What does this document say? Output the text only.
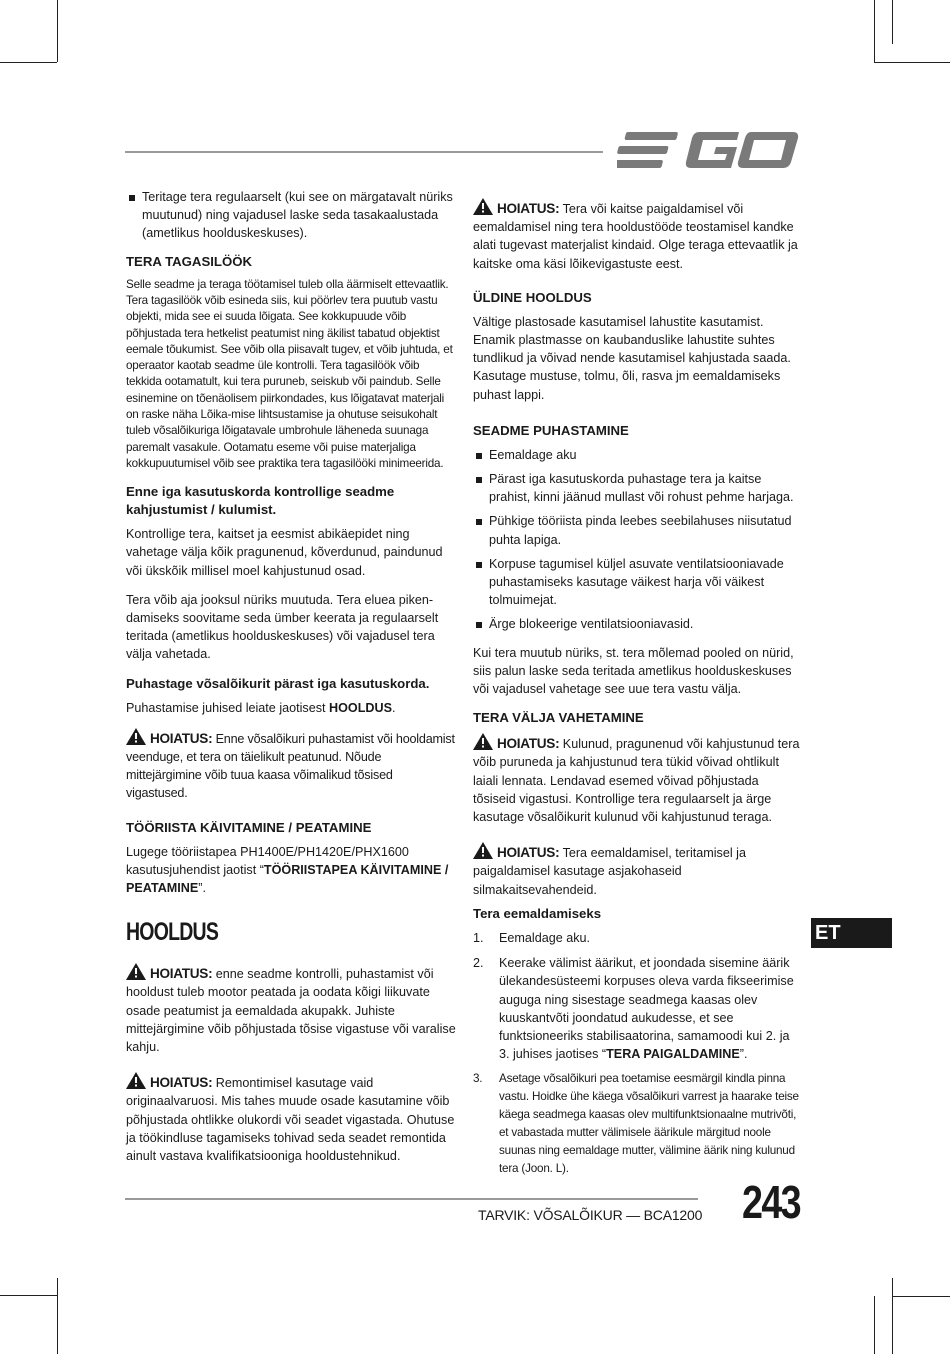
Teritage tera regulaarselt (kui see on märgatavalt nüriks muutunud) ning vajadusel laske seda tasakaalustada (ametlikus hoolduskeskuses).
TERA TAGASILÖÖK

Selle seadme ja teraga töötamisel tuleb olla äärmiselt ettevaatlik. Tera tagasilöök võib esineda siis, kui pöörlev tera puutub vastu objekti, mida see ei suuda lõigata. See kokkupuude võib põhjustada tera hetkelist peatumist ning äkilist tabatud objektist eemale tõukumist. See võib olla piisavalt tugev, et võib juhtuda, et operaator kaotab seadme üle kontrolli. Tera tagasilöök võib tekkida ootamatult, kui tera puruneb, seiskub või paindub. Selle esinemine on tõenäolisem piirkondades, kus lõigatavat materjali on raske näha Lõika-mise lihtsustamise ja ohutuse seisukohalt tuleb võsalõikuriga lõigatavale umbrohule läheneda suunaga paremalt vasakule. Ootamatu eseme või puise materjaliga kokkupuutumisel võib see praktika tera tagasilööki minimeerida.

Enne iga kasutuskorda kontrollige seadme kahjustumist / kulumist.

Kontrollige tera, kaitset ja eesmist abikäepidet ning vahetage välja kõik pragunenud, kõverdunud, paindunud või ükskõik millisel moel kahjustunud osad.

Tera võib aja jooksul nüriks muutuda. Tera eluea piken-damiseks soovitame seda ümber keerata ja regulaarselt teritada (ametlikus hoolduskeskuses) või vajadusel tera välja vahetada.

Puhastage võsalõikurit pärast iga kasutuskorda.

Puhastamise juhised leiate jaotisest HOOLDUS.

HOIATUS: Enne võsalõikuri puhastamist või hooldamist veenduge, et tera on täielikult peatunud. Nõude mittejärgimine võib tuua kaasa võimalikud tõsised vigastused.

TÖÖRIISTA KÄIVITAMINE / PEATAMINE

Lugege tööriistapea PH1400E/PH1420E/PHX1600 kasutusjuhendist jaotist “TÖÖRIISTAPEA KÄIVITAMINE / PEATAMINE”.

HOOLDUS

HOIATUS: enne seadme kontrolli, puhastamist või hooldust tuleb mootor peatada ja oodata kõigi liikuvate osade peatumist ja eemaldada akupakk. Juhiste mittejärgimine võib põhjustada tõsise vigastuse või varalise kahju.

HOIATUS: Remontimisel kasutage vaid originaalvaruosi. Mis tahes muude osade kasutamine võib põhjustada ohtlikke olukordi või seadet vigastada. Ohutuse ja töökindluse tagamiseks tohivad seda seadet remontida ainult vastava kvalifikatsiooniga hooldustehnikud.

HOIATUS: Tera või kaitse paigaldamisel või eemaldamisel ning tera hooldustööde teostamisel kandke alati tugevast materjalist kindaid. Olge teraga ettevaatlik ja kaitske oma käsi lõikevigastuste eest.

ÜLDINE HOOLDUS

Vältige plastosade kasutamisel lahustite kasutamist. Enamik plastmasse on kaubanduslike lahustite suhtes tundlikud ja võivad nende kasutamisel kahjustada saada. Kasutage mustuse, tolmu, õli, rasva jm eemaldamiseks puhast lappi.

SEADME PUHASTAMINE
Eemaldage aku
Pärast iga kasutuskorda puhastage tera ja kaitse prahist, kinni jäänud mullast või rohust pehme harjaga.
Pühkige tööriista pinda leebes seebilahuses niisutatud puhta lapiga.
Korpuse tagumisel küljel asuvate ventilatsiooniavade puhastamiseks kasutage väikest harja või väikest tolmuimejat.
Ärge blokeerige ventilatsiooniavasid.

Kui tera muutub nüriks, st. tera mõlemad pooled on nürid, siis palun laske seda teritada ametlikus hoolduskeskuses või vajadusel vahetage see uue tera vastu välja.

TERA VÄLJA VAHETAMINE

HOIATUS: Kulunud, pragunenud või kahjustunud tera võib puruneda ja kahjustunud tera tükid võivad ohtlikult laiali lennata. Lendavad esemed võivad põhjustada tõsiseid vigastusi. Kontrollige tera regulaarselt ja ärge kasutage võsalõikurit kulunud või kahjustunud teraga.

HOIATUS: Tera eemaldamisel, teritamisel ja paigaldamisel kasutage asjakohaseid silmakaitsevahendeid.

Tera eemaldamiseks
1. Eemaldage aku.
2. Keerake välimist äärikut, et joondada sisemine äärik ülekandesüsteemi korpuses oleva varda fikseerimise auguga ning sisestage seadmega kaasas olev kuuskantvõti joondatud aukudesse, et see funktsioneeriks stabilisaatorina, samamoodi kui 2. ja 3. juhises jaotises “TERA PAIGALDAMINE”.
3. Asetage võsalõikuri pea toetamise eesmärgil kindla pinna vastu. Hoidke ühe käega võsalõikuri varrest ja haarake teise käega seadmega kaasas olev multifunktsionaalne mutrivõti, et vabastada mutter välimisele äärikule märgitud noole suunas ning eemaldage mutter, välimine äärik ning kulunud tera (Joon. L).
ET
TARVIK: VÕSALÕIKUR — BCA1200 243
